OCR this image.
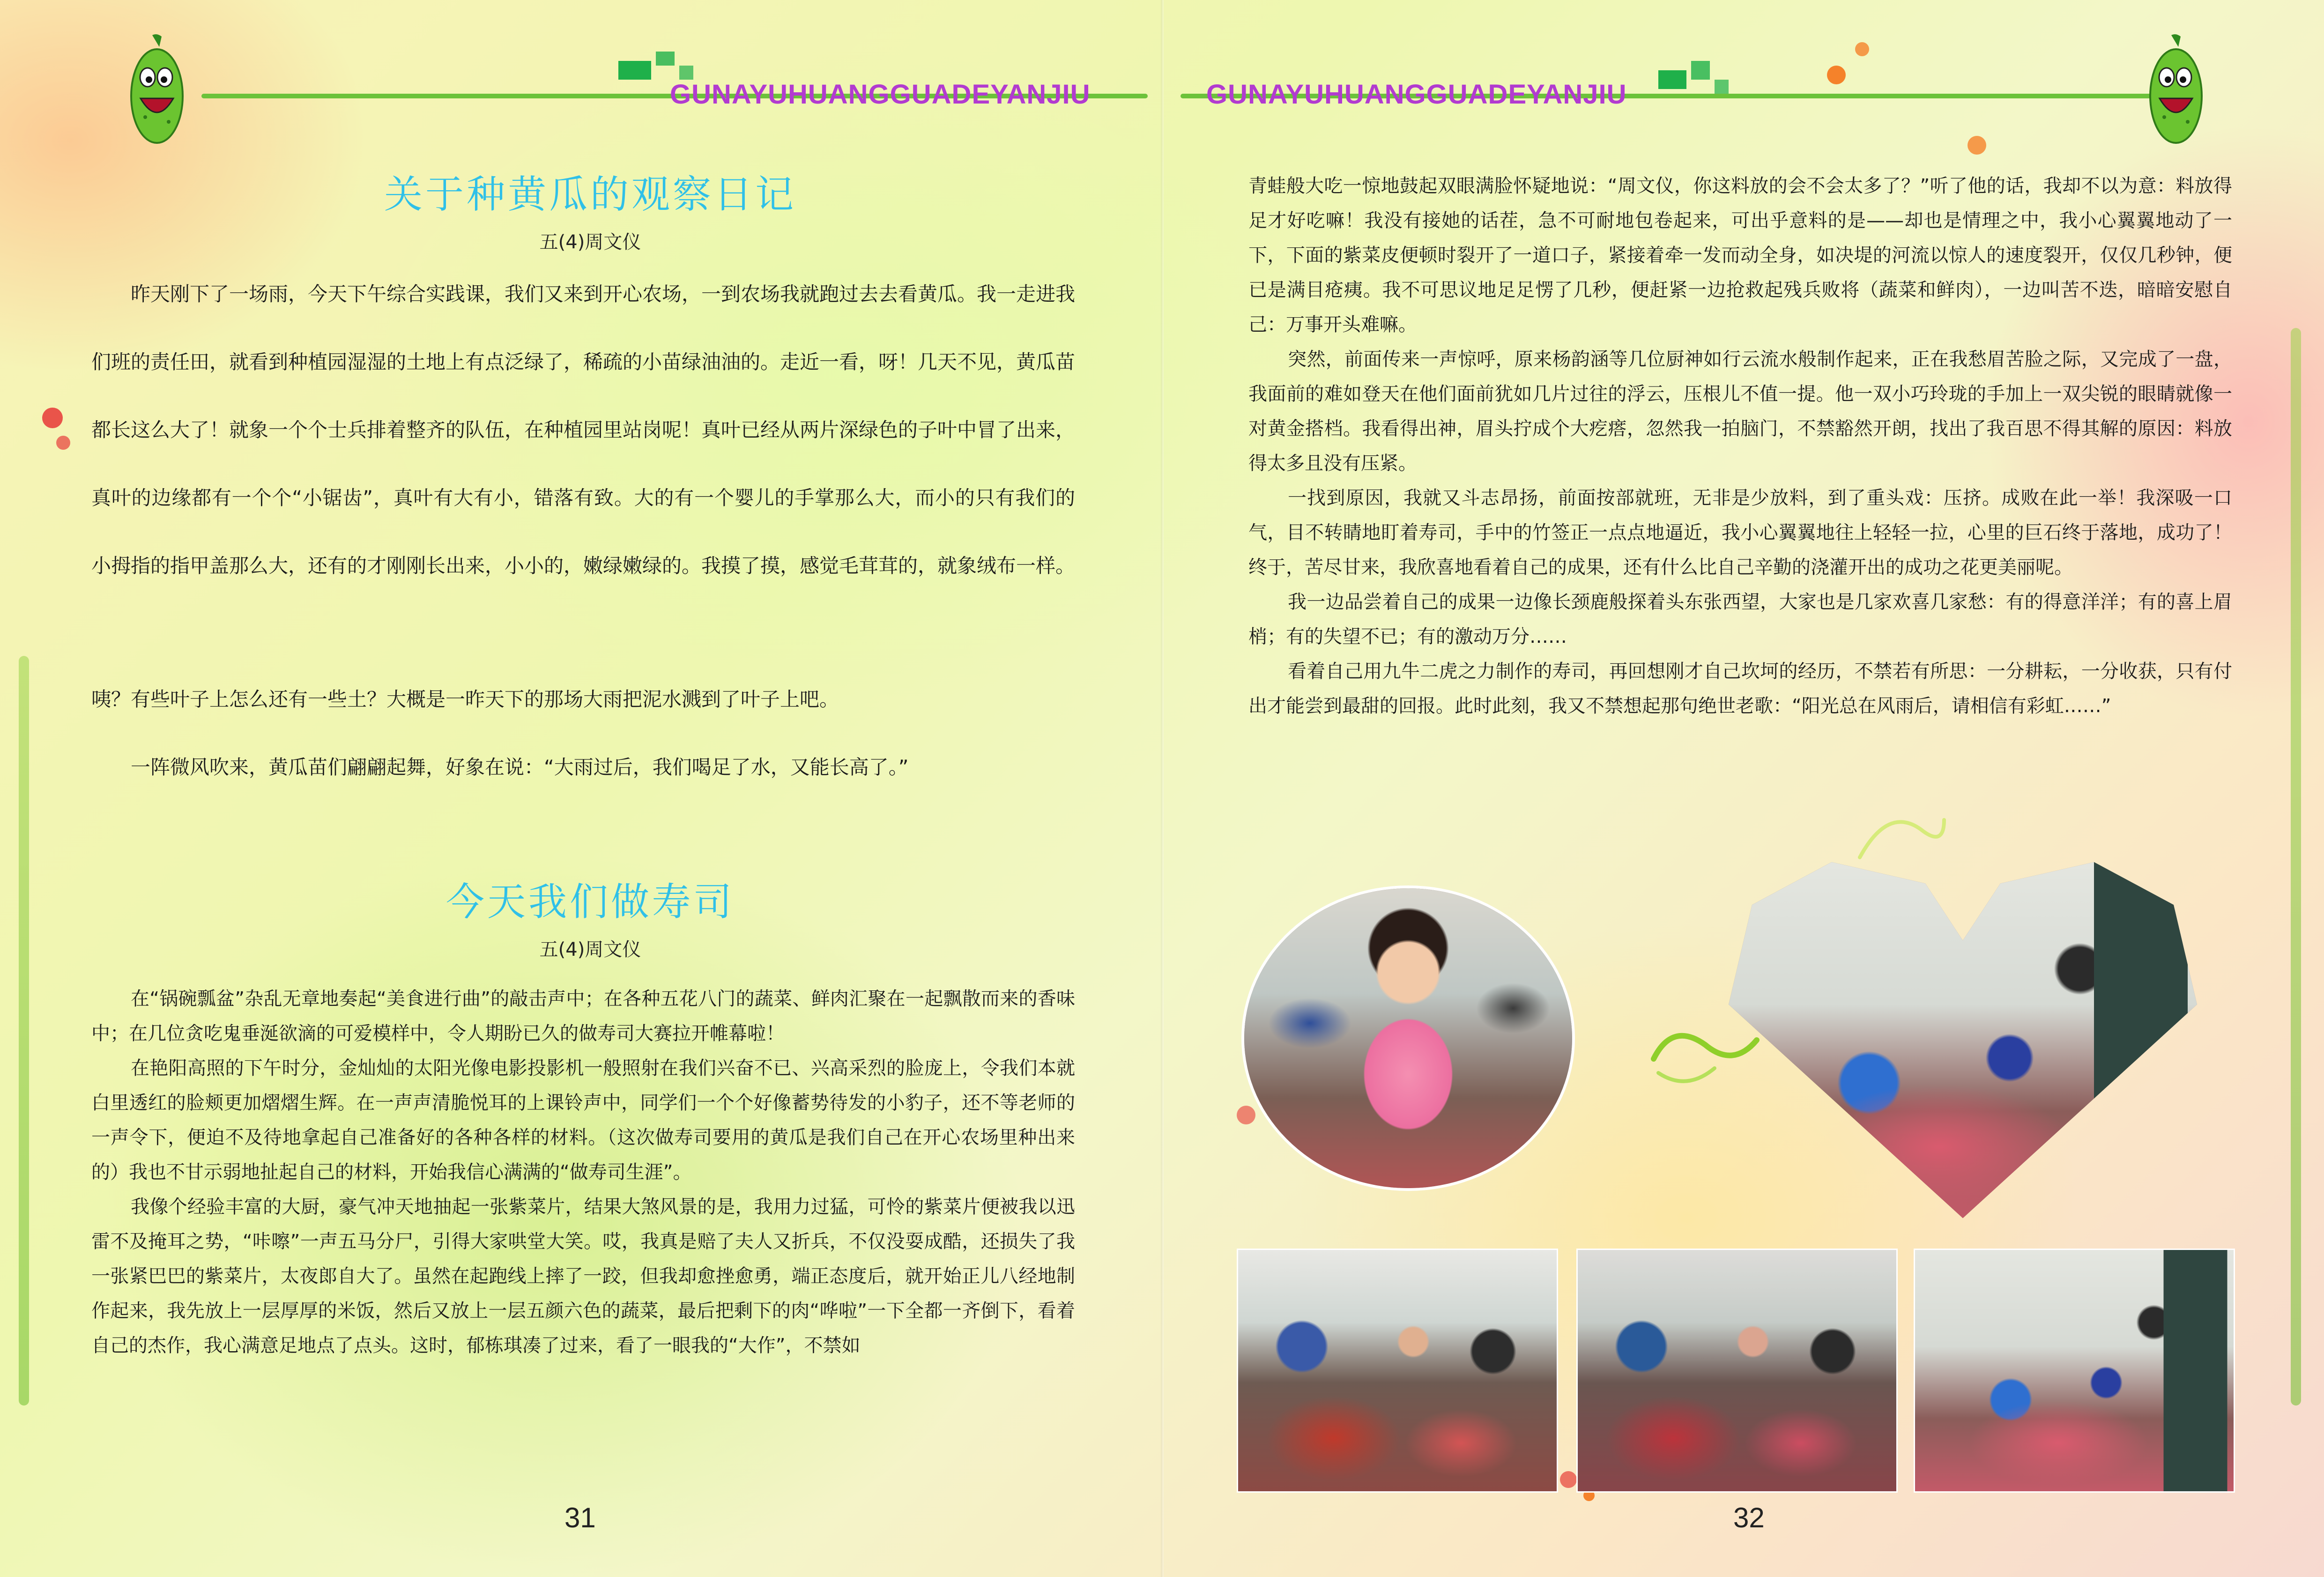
GUNAYUHUANGGUADEYANJIU	GUNAYUHUANGGUADEYANJIU
关于种黄瓜的观察日记
五(4)周文仪

昨天刚下了一场雨，今天下午综合实践课，我们又来到开心农场，一到农场我就跑过去去看黄瓜。我一走进我们班的责任田，就看到种植园湿湿的土地上有点泛绿了，稀疏的小苗绿油油的。走近一看，呀！几天不见，黄瓜苗都长这么大了！就象一个个士兵排着整齐的队伍，在种植园里站岗呢！真叶已经从两片深绿色的子叶中冒了出来，真叶的边缘都有一个个“小锯齿”，真叶有大有小，错落有致。大的有一个婴儿的手掌那么大，而小的只有我们的小拇指的指甲盖那么大，还有的才刚刚长出来，小小的，嫩绿嫩绿的。我摸了摸，感觉毛茸茸的，就象绒布一样。

咦？有些叶子上怎么还有一些土？大概是一昨天下的那场大雨把泥水溅到了叶子上吧。

一阵微风吹来，黄瓜苗们翩翩起舞，好象在说：“大雨过后，我们喝足了水，又能长高了。”

今天我们做寿司
五(4)周文仪

在“锅碗瓢盆”杂乱无章地奏起“美食进行曲”的敲击声中；在各种五花八门的蔬菜、鲜肉汇聚在一起飘散而来的香味中；在几位贪吃鬼垂涎欲滴的可爱模样中，令人期盼已久的做寿司大赛拉开帷幕啦！

在艳阳高照的下午时分，金灿灿的太阳光像电影投影机一般照射在我们兴奋不已、兴高采烈的脸庞上，令我们本就白里透红的脸颊更加熠熠生辉。在一声声清脆悦耳的上课铃声中，同学们一个个好像蓄势待发的小豹子，还不等老师的一声令下，便迫不及待地拿起自己准备好的各种各样的材料。（这次做寿司要用的黄瓜是我们自己在开心农场里种出来的）我也不甘示弱地扯起自己的材料，开始我信心满满的“做寿司生涯”。

我像个经验丰富的大厨，豪气冲天地抽起一张紫菜片，结果大煞风景的是，我用力过猛，可怜的紫菜片便被我以迅雷不及掩耳之势，“咔嚓”一声五马分尸，引得大家哄堂大笑。哎，我真是赔了夫人又折兵，不仅没耍成酷，还损失了我一张紧巴巴的紫菜片，太夜郎自大了。虽然在起跑线上摔了一跤，但我却愈挫愈勇，端正态度后，就开始正儿八经地制作起来，我先放上一层厚厚的米饭，然后又放上一层五颜六色的蔬菜，最后把剩下的肉“哗啦”一下全都一齐倒下，看着自己的杰作，我心满意足地点了点头。这时，郁栋琪凑了过来，看了一眼我的“大作”，不禁如

31

青蛙般大吃一惊地鼓起双眼满脸怀疑地说：“周文仪，你这料放的会不会太多了？”听了他的话，我却不以为意：料放得足才好吃嘛！我没有接她的话茬，急不可耐地包卷起来，可出乎意料的是——却也是情理之中，我小心翼翼地动了一下，下面的紫菜皮便顿时裂开了一道口子，紧接着牵一发而动全身，如决堤的河流以惊人的速度裂开，仅仅几秒钟，便已是满目疮痍。我不可思议地足足愣了几秒，便赶紧一边抢救起残兵败将（蔬菜和鲜肉），一边叫苦不迭，暗暗安慰自己：万事开头难嘛。

突然，前面传来一声惊呼，原来杨韵涵等几位厨神如行云流水般制作起来，正在我愁眉苦脸之际，又完成了一盘，我面前的难如登天在他们面前犹如几片过往的浮云，压根儿不值一提。他一双小巧玲珑的手加上一双尖锐的眼睛就像一对黄金搭档。我看得出神，眉头拧成个大疙瘩，忽然我一拍脑门，不禁豁然开朗，找出了我百思不得其解的原因：料放得太多且没有压紧。

一找到原因，我就又斗志昂扬，前面按部就班，无非是少放料，到了重头戏：压挤。成败在此一举！我深吸一口气，目不转睛地盯着寿司，手中的竹签正一点点地逼近，我小心翼翼地往上轻轻一拉，心里的巨石终于落地，成功了！终于，苦尽甘来，我欣喜地看着自己的成果，还有什么比自己辛勤的浇灌开出的成功之花更美丽呢。

我一边品尝着自己的成果一边像长颈鹿般探着头东张西望，大家也是几家欢喜几家愁：有的得意洋洋；有的喜上眉梢；有的失望不已；有的激动万分……

看着自己用九牛二虎之力制作的寿司，再回想刚才自己坎坷的经历，不禁若有所思：一分耕耘，一分收获，只有付出才能尝到最甜的回报。此时此刻，我又不禁想起那句绝世老歌：“阳光总在风雨后，请相信有彩虹……”

32
